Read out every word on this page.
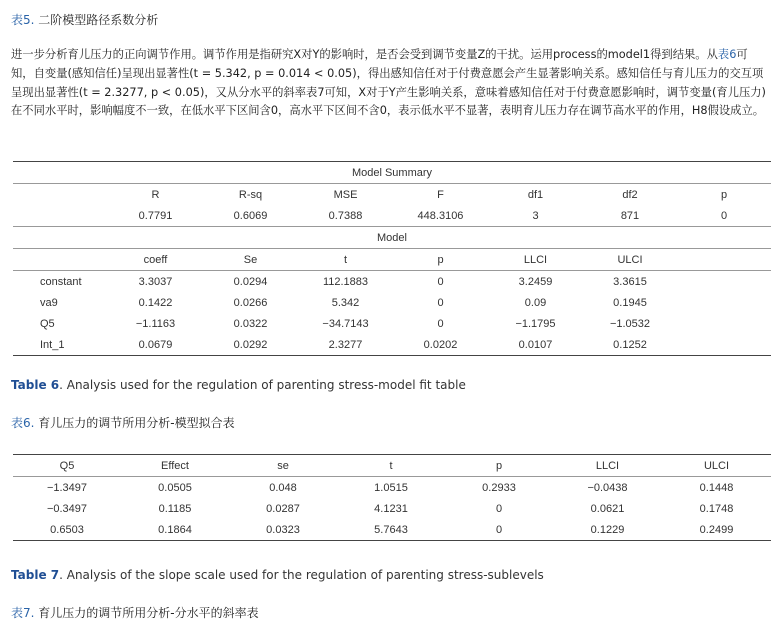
表5. 二阶模型路径系数分析
进一步分析育儿压力的正向调节作用。调节作用是指研究X对Y的影响时，是否会受到调节变量Z的干扰。运用process的model1得到结果。从表6可知，自变量(感知信任)呈现出显著性(t = 5.342, p = 0.014 < 0.05)，得出感知信任对于付费意愿会产生显著影响关系。感知信任与育儿压力的交互项呈现出显著性(t = 2.3277, p < 0.05)，又从分水平的斜率表7可知，X对于Y产生影响关系，意味着感知信任对于付费意愿影响时，调节变量(育儿压力)在不同水平时，影响幅度不一致，在低水平下区间含0，高水平下区间不含0，表示低水平不显著，表明育儿压力存在调节高水平的作用，H8假设成立。
Model Summary							
	R	R-sq	MSE	F	df1	df2	p
	0.7791	0.6069	0.7388	448.3106	3	871	0
Model							
	coeff	Se	t	p	LLCI	ULCI	
constant	3.3037	0.0294	112.1883	0	3.2459	3.3615	
va9	0.1422	0.0266	5.342	0	0.09	0.1945	
Q5	−1.1163	0.0322	−34.7143	0	−1.1795	−1.0532	
Int_1	0.0679	0.0292	2.3277	0.0202	0.0107	0.1252	
Table 6. Analysis used for the regulation of parenting stress-model fit table
表6. 育儿压力的调节所用分析-模型拟合表
Q5	Effect	se	t	p	LLCI	ULCI
−1.3497	0.0505	0.048	1.0515	0.2933	−0.0438	0.1448
−0.3497	0.1185	0.0287	4.1231	0	0.0621	0.1748
0.6503	0.1864	0.0323	5.7643	0	0.1229	0.2499
Table 7. Analysis of the slope scale used for the regulation of parenting stress-sublevels
表7. 育儿压力的调节所用分析-分水平的斜率表
